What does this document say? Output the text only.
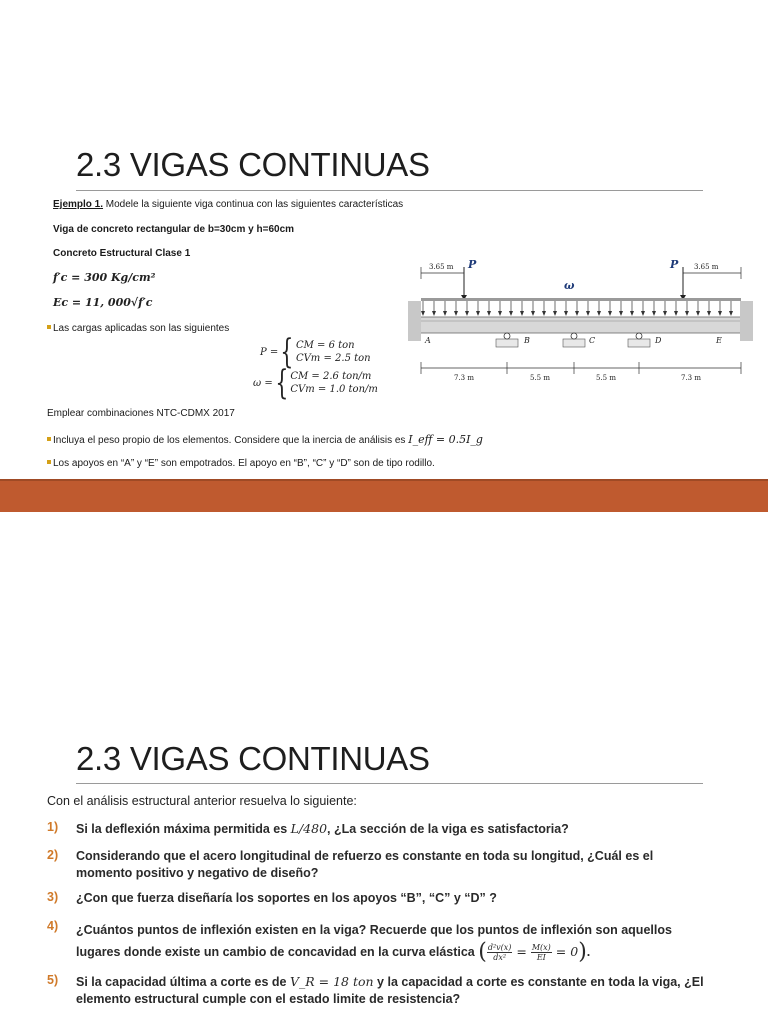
2.3 VIGAS CONTINUAS
Ejemplo 1. Modele la siguiente viga continua con las siguientes características
Viga de concreto rectangular de b=30cm y h=60cm
Concreto Estructural Clase 1
f′c = 300 Kg/cm²
Ec = 11, 000√f′c
Las cargas aplicadas son las siguientes
P = { CM = 6 ton
CVm = 2.5 ton
ω = { CM = 2.6 ton/m
CVm = 1.0 ton/m
Emplear combinaciones NTC-CDMX 2017
Incluya el peso propio de los elementos. Considere que la inercia de análisis es I_eff = 0.5I_g
Los apoyos en “A” y “E” son empotrados. El apoyo en “B”, “C” y “D” son de tipo rodillo.
3.65 m	3.65 m
P	P
ω
A	B	C	D	E
7.3 m	5.5 m	5.5 m	7.3 m
2.3 VIGAS CONTINUAS
Con el análisis estructural anterior resuelva lo siguiente:
1) Si la deflexión máxima permitida es L/480, ¿La sección de la viga es satisfactoria?
2) Considerando que el acero longitudinal de refuerzo es constante en toda su longitud, ¿Cuál es el momento positivo y negativo de diseño?
3) ¿Con que fuerza diseñaría los soportes en los apoyos “B”, “C” y “D” ?
4) ¿Cuántos puntos de inflexión existen en la viga? Recuerde que los puntos de inflexión son aquellos lugares donde existe un cambio de concavidad en la curva elástica ( $\frac{\text{d²v(x)}}{\text{dx²}} = \frac{M(x)}{EI} = 0$).
5) Si la capacidad última a corte es de V_R = 18 ton y la capacidad a corte es constante en toda la viga, ¿El elemento estructural cumple con el estado limite de resistencia?
